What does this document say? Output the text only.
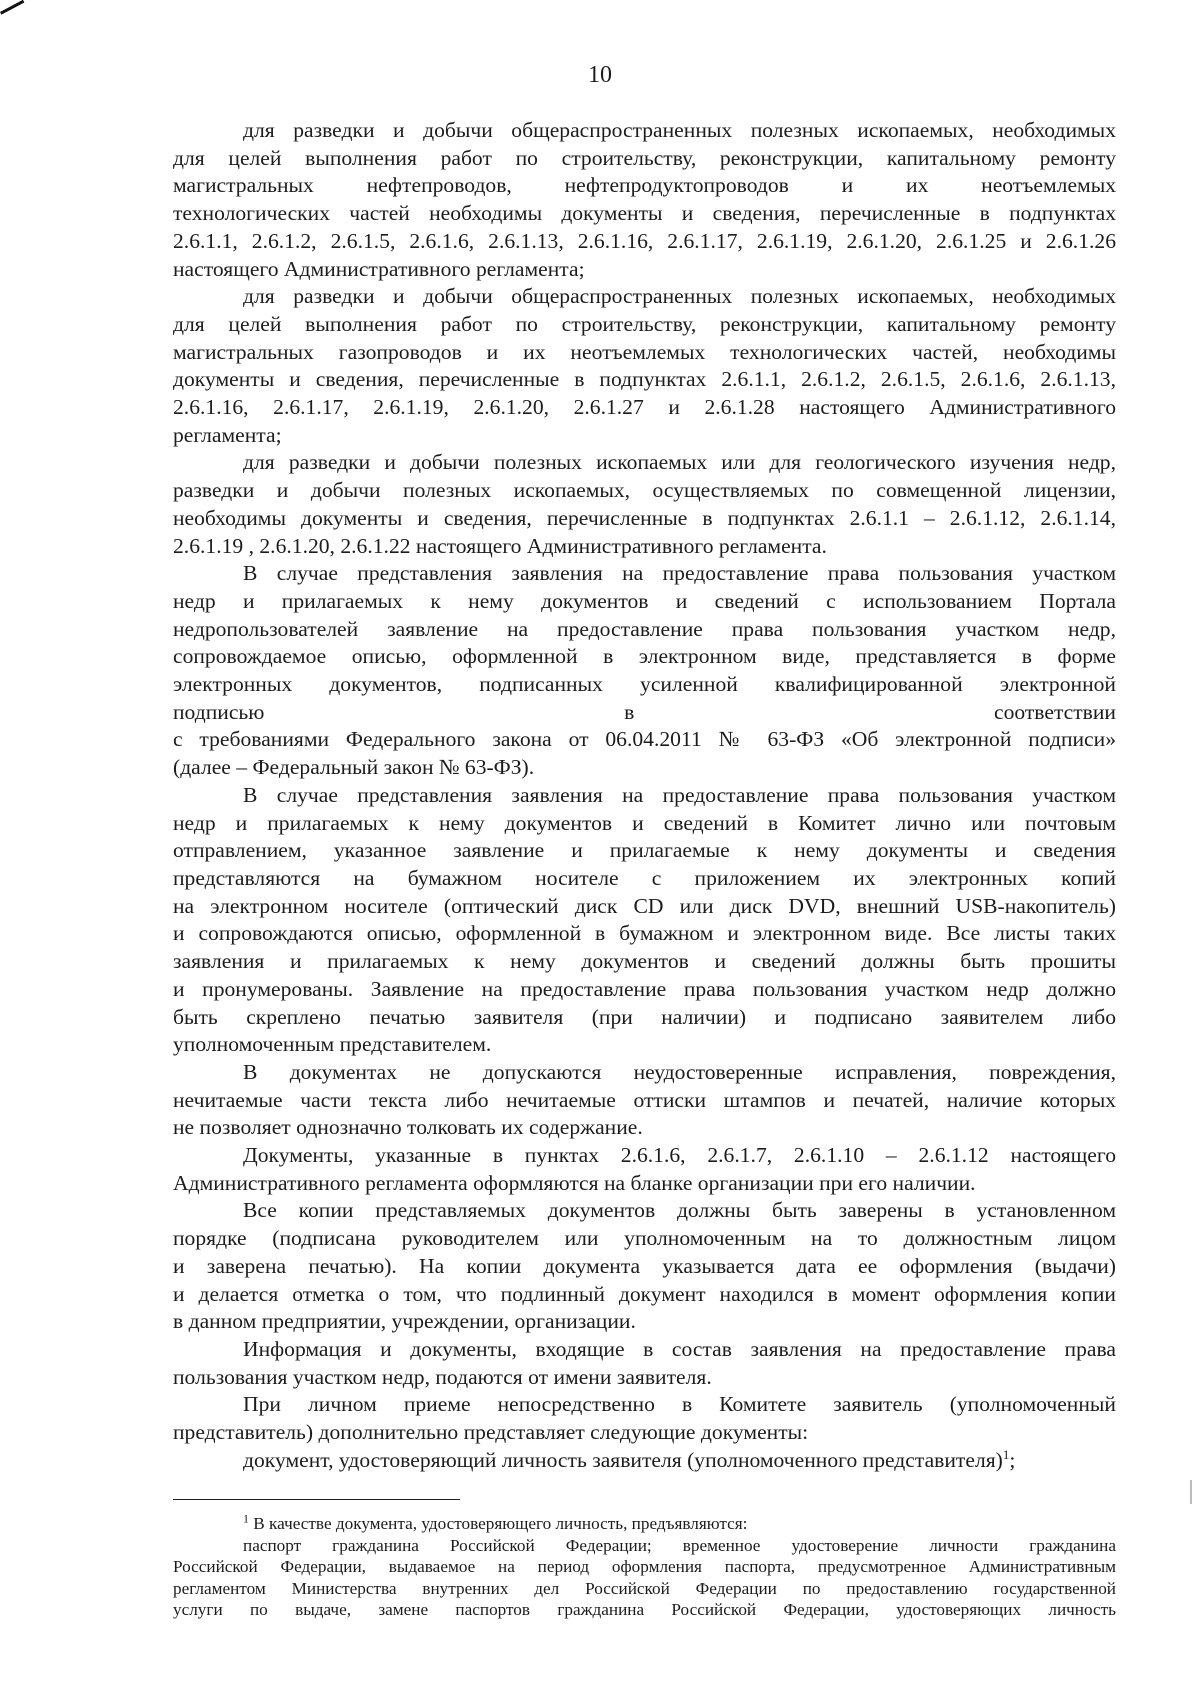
10
для разведки и добычи общераспространенных полезных ископаемых, необходимых
для целей выполнения работ по строительству, реконструкции, капитальному ремонту
магистральных нефтепроводов, нефтепродуктопроводов и их неотъемлемых
технологических частей необходимы документы и сведения, перечисленные в подпунктах
2.6.1.1, 2.6.1.2, 2.6.1.5, 2.6.1.6, 2.6.1.13, 2.6.1.16, 2.6.1.17, 2.6.1.19, 2.6.1.20, 2.6.1.25 и 2.6.1.26
настоящего Административного регламента;
для разведки и добычи общераспространенных полезных ископаемых, необходимых
для целей выполнения работ по строительству, реконструкции, капитальному ремонту
магистральных газопроводов и их неотъемлемых технологических частей, необходимы
документы и сведения, перечисленные в подпунктах 2.6.1.1, 2.6.1.2, 2.6.1.5, 2.6.1.6, 2.6.1.13,
2.6.1.16, 2.6.1.17, 2.6.1.19, 2.6.1.20, 2.6.1.27 и 2.6.1.28 настоящего Административного
регламента;
для разведки и добычи полезных ископаемых или для геологического изучения недр,
разведки и добычи полезных ископаемых, осуществляемых по совмещенной лицензии,
необходимы документы и сведения, перечисленные в подпунктах 2.6.1.1 – 2.6.1.12, 2.6.1.14,
2.6.1.19 , 2.6.1.20, 2.6.1.22 настоящего Административного регламента.
В случае представления заявления на предоставление права пользования участком
недр и прилагаемых к нему документов и сведений с использованием Портала
недропользователей заявление на предоставление права пользования участком недр,
сопровождаемое описью, оформленной в электронном виде, представляется в форме
электронных документов, подписанных усиленной квалифицированной электронной
подписью в соответствии
с требованиями Федерального закона от 06.04.2011 № 63-ФЗ «Об электронной подписи»
(далее – Федеральный закон № 63-ФЗ).
В случае представления заявления на предоставление права пользования участком
недр и прилагаемых к нему документов и сведений в Комитет лично или почтовым
отправлением, указанное заявление и прилагаемые к нему документы и сведения
представляются на бумажном носителе с приложением их электронных копий
на электронном носителе (оптический диск CD или диск DVD, внешний USB-накопитель)
и сопровождаются описью, оформленной в бумажном и электронном виде. Все листы таких
заявления и прилагаемых к нему документов и сведений должны быть прошиты
и пронумерованы. Заявление на предоставление права пользования участком недр должно
быть скреплено печатью заявителя (при наличии) и подписано заявителем либо
уполномоченным представителем.
В документах не допускаются неудостоверенные исправления, повреждения,
нечитаемые части текста либо нечитаемые оттиски штампов и печатей, наличие которых
не позволяет однозначно толковать их содержание.
Документы, указанные в пунктах 2.6.1.6, 2.6.1.7, 2.6.1.10 – 2.6.1.12 настоящего
Административного регламента оформляются на бланке организации при его наличии.
Все копии представляемых документов должны быть заверены в установленном
порядке (подписана руководителем или уполномоченным на то должностным лицом
и заверена печатью). На копии документа указывается дата ее оформления (выдачи)
и делается отметка о том, что подлинный документ находился в момент оформления копии
в данном предприятии, учреждении, организации.
Информация и документы, входящие в состав заявления на предоставление права
пользования участком недр, подаются от имени заявителя.
При личном приеме непосредственно в Комитете заявитель (уполномоченный
представитель) дополнительно представляет следующие документы:
документ, удостоверяющий личность заявителя (уполномоченного представителя)$^1$;
$^1$ В качестве документа, удостоверяющего личность, предъявляются:
паспорт гражданина Российской Федерации; временное удостоверение личности гражданина
Российской Федерации, выдаваемое на период оформления паспорта, предусмотренное Административным
регламентом Министерства внутренних дел Российской Федерации по предоставлению государственной
услуги по выдаче, замене паспортов гражданина Российской Федерации, удостоверяющих личность
